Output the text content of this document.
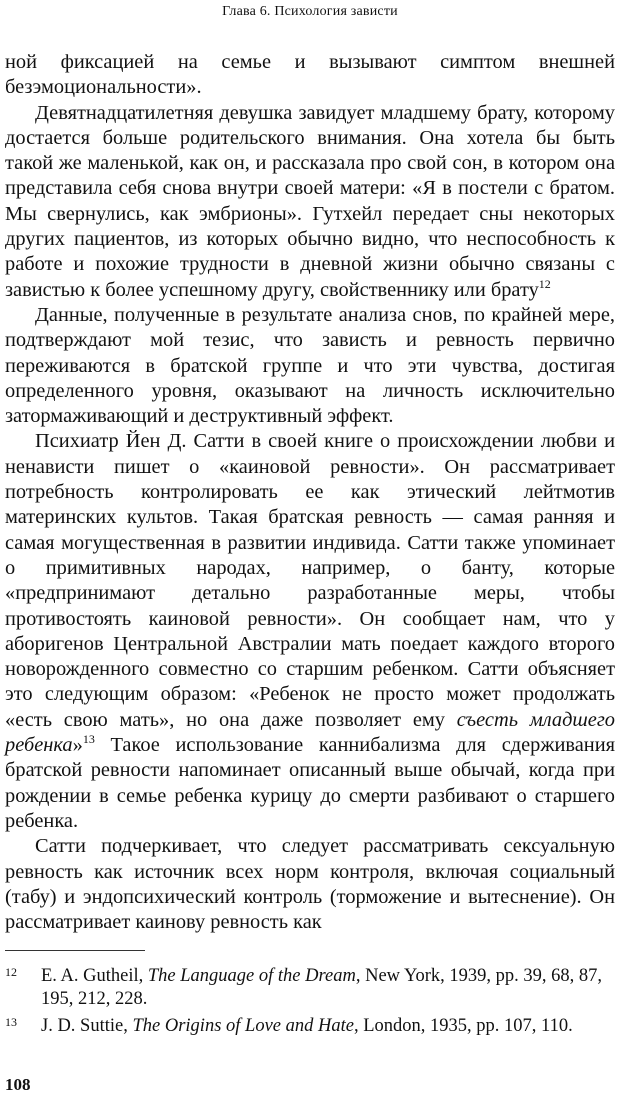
Глава 6. Психология зависти

ной фиксацией на семье и вызывают симптом внешней безэмоциональности».

Девятнадцатилетняя девушка завидует младшему брату, которому достается больше родительского внимания. Она хотела бы быть такой же маленькой, как он, и рассказала про свой сон, в котором она представила себя снова внутри своей матери: «Я в постели с братом. Мы свернулись, как эмбрионы». Гутхейл передает сны некоторых других пациентов, из которых обычно видно, что неспособность к работе и похожие трудности в дневной жизни обычно связаны с завистью к более успешному другу, свойственнику или брату$^{12}$

Данные, полученные в результате анализа снов, по крайней мере, подтверждают мой тезис, что зависть и ревность первично переживаются в братской группе и что эти чувства, достигая определенного уровня, оказывают на личность исключительно затормаживающий и деструктивный эффект.

Психиатр Йен Д. Сатти в своей книге о происхождении любви и ненависти пишет о «каиновой ревности». Он рассматривает потребность контролировать ее как этический лейтмотив материнских культов. Такая братская ревность — самая ранняя и самая могущественная в развитии индивида. Сатти также упоминает о примитивных народах, например, о банту, которые «предпринимают детально разработанные меры, чтобы противостоять каиновой ревности». Он сообщает нам, что у аборигенов Центральной Австралии мать поедает каждого второго новорожденного совместно со старшим ребенком. Сатти объясняет это следующим образом: «Ребенок не просто может продолжать «есть свою мать», но она даже позволяет ему съесть младшего ребенка»$^{13}$ Такое использование каннибализма для сдерживания братской ревности напоминает описанный выше обычай, когда при рождении в семье ребенка курицу до смерти разбивают о старшего ребенка.

Сатти подчеркивает, что следует рассматривать сексуальную ревность как источник всех норм контроля, включая социальный (табу) и эндопсихический контроль (торможение и вытеснение). Он рассматривает каинову ревность как

12	E. A. Gutheil, The Language of the Dream, New York, 1939, pp. 39, 68, 87, 195, 212, 228.
13	J. D. Suttie, The Origins of Love and Hate, London, 1935, pp. 107, 110.
108
